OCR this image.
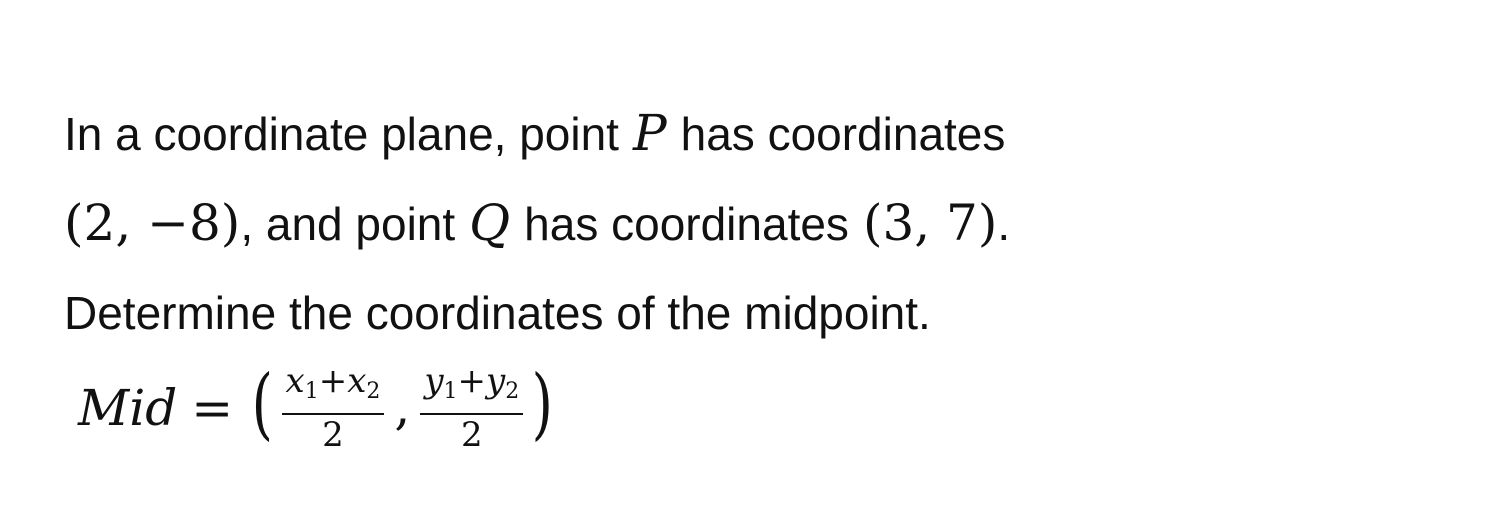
In a coordinate plane, point P has coordinates
(2, −8), and point Q has coordinates (3, 7).
Determine the coordinates of the midpoint.
Mid = ( $\frac{x_1+x_2}{2}$ , $\frac{y_1+y_2}{2}$ )
